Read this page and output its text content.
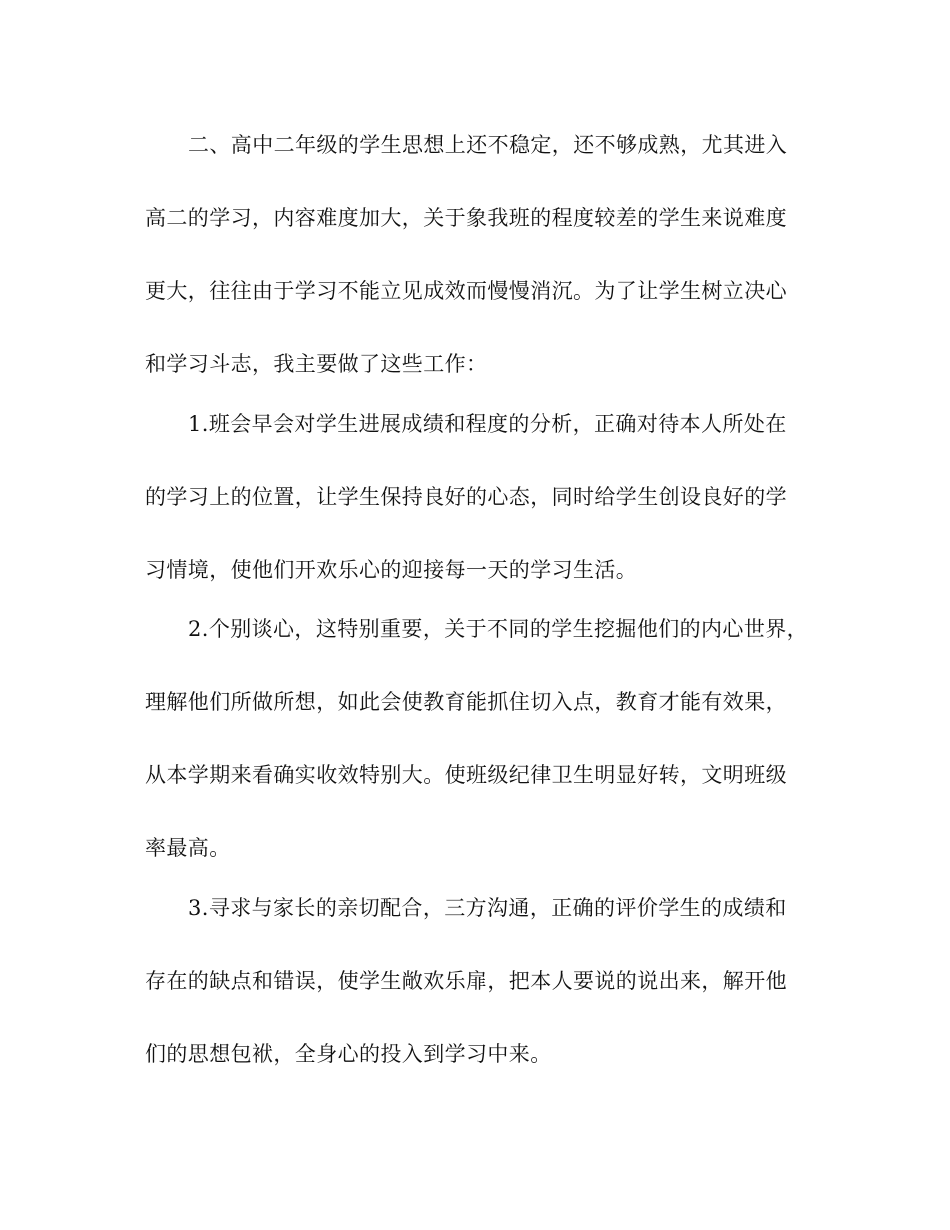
二、高中二年级的学生思想上还不稳定，还不够成熟，尤其进入
高二的学习，内容难度加大，关于象我班的程度较差的学生来说难度
更大，往往由于学习不能立见成效而慢慢消沉。为了让学生树立决心
和学习斗志，我主要做了这些工作：
1.班会早会对学生进展成绩和程度的分析，正确对待本人所处在
的学习上的位置，让学生保持良好的心态，同时给学生创设良好的学
习情境，使他们开欢乐心的迎接每一天的学习生活。
2.个别谈心，这特别重要，关于不同的学生挖掘他们的内心世界，
理解他们所做所想，如此会使教育能抓住切入点，教育才能有效果，
从本学期来看确实收效特别大。使班级纪律卫生明显好转，文明班级
率最高。
3.寻求与家长的亲切配合，三方沟通，正确的评价学生的成绩和
存在的缺点和错误，使学生敞欢乐扉，把本人要说的说出来，解开他
们的思想包袱，全身心的投入到学习中来。
